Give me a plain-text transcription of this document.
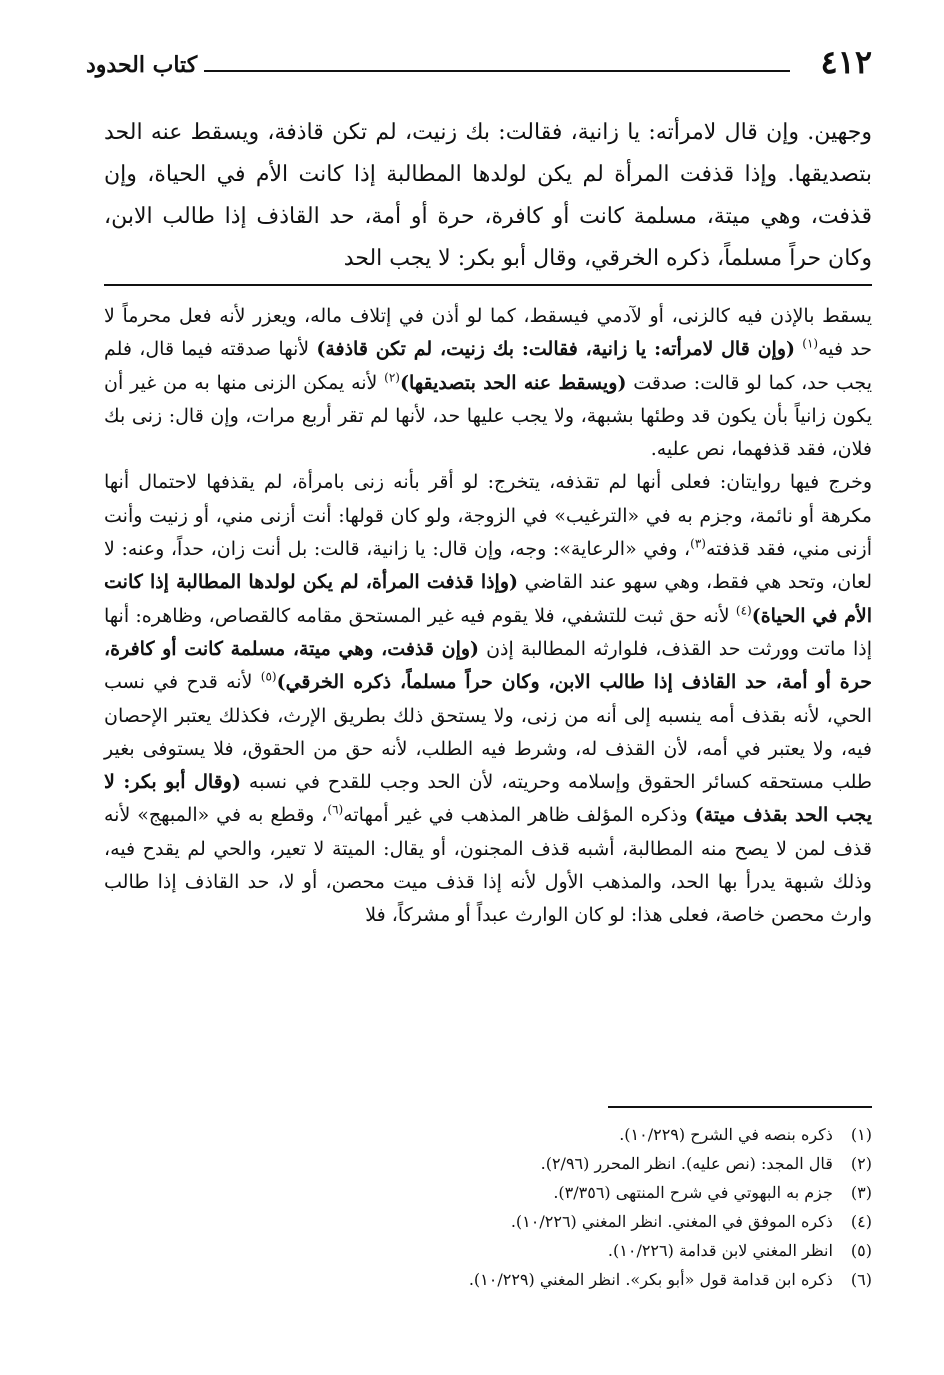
٤١٢
كتاب الحدود
وجهين. وإن قال لامرأته: يا زانية، فقالت: بك زنيت، لم تكن قاذفة، ويسقط عنه الحد بتصديقها. وإذا قذفت المرأة لم يكن لولدها المطالبة إذا كانت الأم في الحياة، وإن قذفت، وهي ميتة، مسلمة كانت أو كافرة، حرة أو أمة، حد القاذف إذا طالب الابن، وكان حراً مسلماً، ذكره الخرقي، وقال أبو بكر: لا يجب الحد

يسقط بالإذن فيه كالزنى، أو لآدمي فيسقط، كما لو أذن في إتلاف ماله، ويعزر لأنه فعل محرماً لا حد فيه$^{(١)}$ (وإن قال لامرأته: يا زانية، فقالت: بك زنيت، لم تكن قاذفة) لأنها صدقته فيما قال، فلم يجب حد، كما لو قالت: صدقت (ويسقط عنه الحد بتصديقها)$^{(٢)}$ لأنه يمكن الزنى منها به من غير أن يكون زانياً بأن يكون قد وطئها بشبهة، ولا يجب عليها حد، لأنها لم تقر أربع مرات، وإن قال: زنى بك فلان، فقد قذفهما، نص عليه.

وخرج فيها روايتان: فعلى أنها لم تقذفه، يتخرج: لو أقر بأنه زنى بامرأة، لم يقذفها لاحتمال أنها مكرهة أو نائمة، وجزم به في «الترغيب» في الزوجة، ولو كان قولها: أنت أزنى مني، أو زنيت وأنت أزنى مني، فقد قذفته$^{(٣)}$، وفي «الرعاية»: وجه، وإن قال: يا زانية، قالت: بل أنت زان، حداً، وعنه: لا لعان، وتحد هي فقط، وهي سهو عند القاضي (وإذا قذفت المرأة، لم يكن لولدها المطالبة إذا كانت الأم في الحياة)$^{(٤)}$ لأنه حق ثبت للتشفي، فلا يقوم فيه غير المستحق مقامه كالقصاص، وظاهره: أنها إذا ماتت وورثت حد القذف، فلوارثه المطالبة إذن (وإن قذفت، وهي ميتة، مسلمة كانت أو كافرة، حرة أو أمة، حد القاذف إذا طالب الابن، وكان حراً مسلماً، ذكره الخرقي)$^{(٥)}$ لأنه قدح في نسب الحي، لأنه بقذف أمه ينسبه إلى أنه من زنى، ولا يستحق ذلك بطريق الإرث، فكذلك يعتبر الإحصان فيه، ولا يعتبر في أمه، لأن القذف له، وشرط فيه الطلب، لأنه حق من الحقوق، فلا يستوفى بغير طلب مستحقه كسائر الحقوق وإسلامه وحريته، لأن الحد وجب للقدح في نسبه (وقال أبو بكر: لا يجب الحد بقذف ميتة) وذكره المؤلف ظاهر المذهب في غير أمهاته$^{(٦)}$، وقطع به في «المبهج» لأنه قذف لمن لا يصح منه المطالبة، أشبه قذف المجنون، أو يقال: الميتة لا تعير، والحي لم يقدح فيه، وذلك شبهة يدرأ بها الحد، والمذهب الأول لأنه إذا قذف ميت محصن، أو لا، حد القاذف إذا طالب وارث محصن خاصة، فعلى هذا: لو كان الوارث عبداً أو مشركاً، فلا

(١) ذكره بنصه في الشرح (١٠/٢٢٩).
(٢) قال المجد: (نص عليه). انظر المحرر (٢/٩٦).
(٣) جزم به البهوتي في شرح المنتهى (٣/٣٥٦).
(٤) ذكره الموفق في المغني. انظر المغني (١٠/٢٢٦).
(٥) انظر المغني لابن قدامة (١٠/٢٢٦).
(٦) ذكره ابن قدامة قول «أبو بكر». انظر المغني (١٠/٢٢٩).
